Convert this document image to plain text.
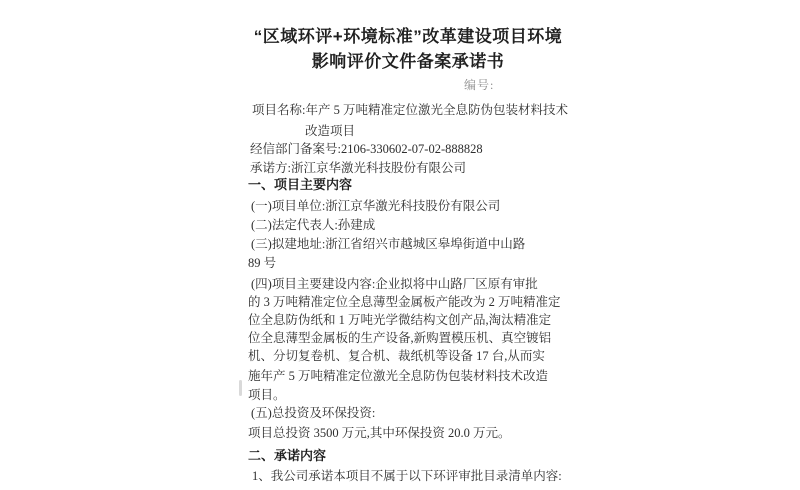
“区域环评+环境标准”改革建设项目环境
影响评价文件备案承诺书
编号:
项目名称:年产 5 万吨精准定位激光全息防伪包装材料技术
改造项目
经信部门备案号:2106-330602-07-02-888828
承诺方:浙江京华激光科技股份有限公司
一、项目主要内容
(一)项目单位:浙江京华激光科技股份有限公司
(二)法定代表人:孙建成
(三)拟建地址:浙江省绍兴市越城区皋埠街道中山路
89 号
(四)项目主要建设内容:企业拟将中山路厂区原有审批
的 3 万吨精准定位全息薄型金属板产能改为 2 万吨精准定
位全息防伪纸和 1 万吨光学微结构文创产品,淘汰精准定
位全息薄型金属板的生产设备,新购置模压机、真空镀铝
机、分切复卷机、复合机、裁纸机等设备 17 台,从而实
施年产 5 万吨精准定位激光全息防伪包装材料技术改造
项目。
(五)总投资及环保投资:
项目总投资 3500 万元,其中环保投资 20.0 万元。
二、承诺内容
1、我公司承诺本项目不属于以下环评审批目录清单内容:
